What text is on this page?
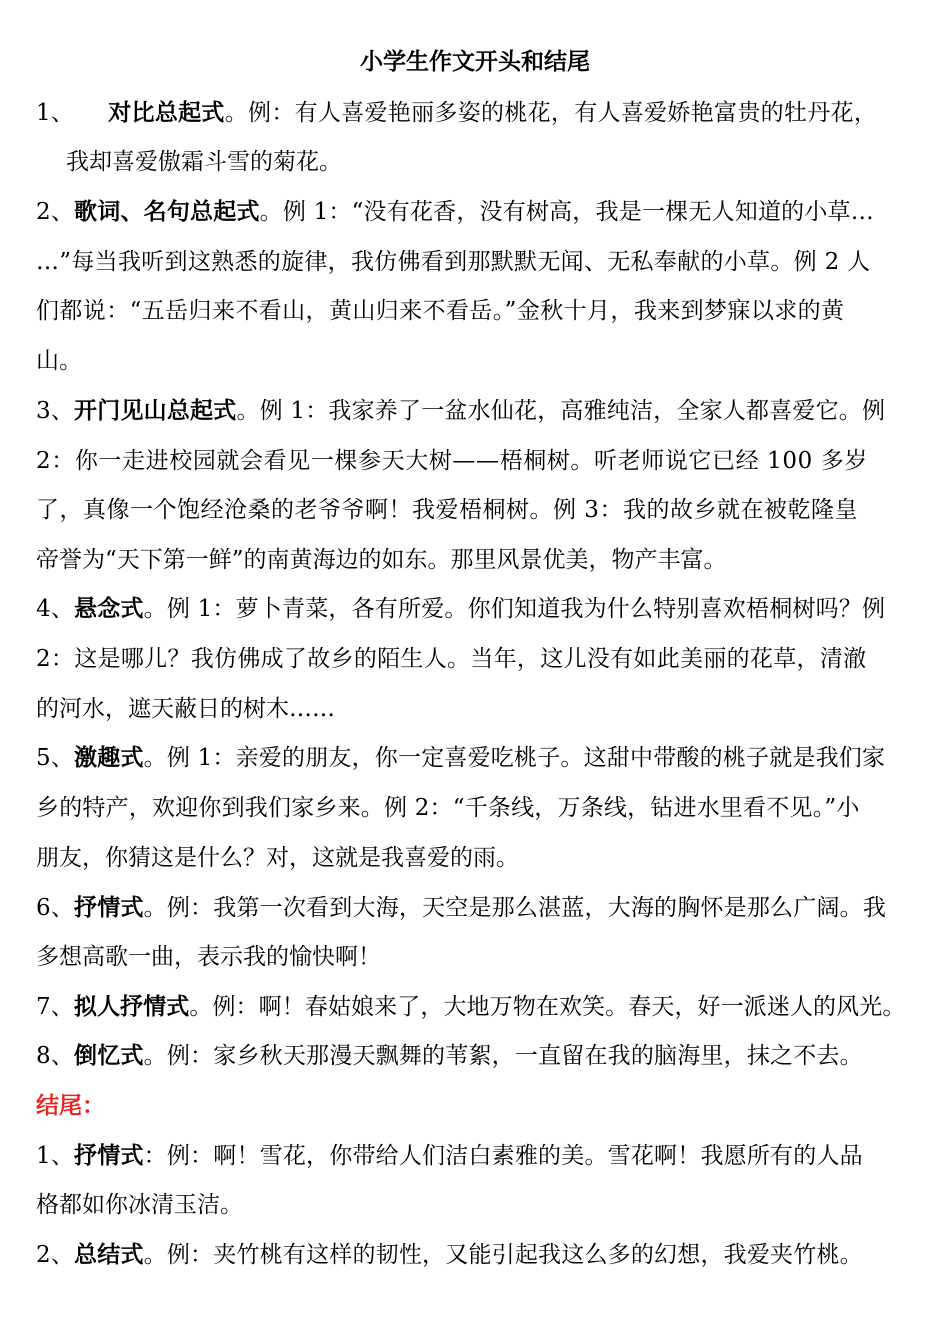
小学生作文开头和结尾
1、 对比总起式。例：有人喜爱艳丽多姿的桃花，有人喜爱娇艳富贵的牡丹花，
我却喜爱傲霜斗雪的菊花。
2、歌词、名句总起式。例 1：“没有花香，没有树高，我是一棵无人知道的小草…
…”每当我听到这熟悉的旋律，我仿佛看到那默默无闻、无私奉献的小草。例 2 人
们都说：“五岳归来不看山，黄山归来不看岳。”金秋十月，我来到梦寐以求的黄
山。
3、开门见山总起式。例 1：我家养了一盆水仙花，高雅纯洁，全家人都喜爱它。例
2：你一走进校园就会看见一棵参天大树——梧桐树。听老师说它已经 100 多岁
了，真像一个饱经沧桑的老爷爷啊！我爱梧桐树。例 3：我的故乡就在被乾隆皇
帝誉为“天下第一鲜”的南黄海边的如东。那里风景优美，物产丰富。
4、悬念式。例 1：萝卜青菜，各有所爱。你们知道我为什么特别喜欢梧桐树吗？例
2：这是哪儿？我仿佛成了故乡的陌生人。当年，这儿没有如此美丽的花草，清澈
的河水，遮天蔽日的树木……
5、激趣式。例 1：亲爱的朋友，你一定喜爱吃桃子。这甜中带酸的桃子就是我们家
乡的特产，欢迎你到我们家乡来。例 2：“千条线，万条线，钻进水里看不见。”小
朋友，你猜这是什么？对，这就是我喜爱的雨。
6、抒情式。例：我第一次看到大海，天空是那么湛蓝，大海的胸怀是那么广阔。我
多想高歌一曲，表示我的愉快啊！
7、拟人抒情式。例：啊！春姑娘来了，大地万物在欢笑。春天，好一派迷人的风光。
8、倒忆式。例：家乡秋天那漫天飘舞的苇絮，一直留在我的脑海里，抹之不去。
结尾：
1、抒情式：例：啊！雪花，你带给人们洁白素雅的美。雪花啊！我愿所有的人品
格都如你冰清玉洁。
2、总结式。例：夹竹桃有这样的韧性，又能引起我这么多的幻想，我爱夹竹桃。
